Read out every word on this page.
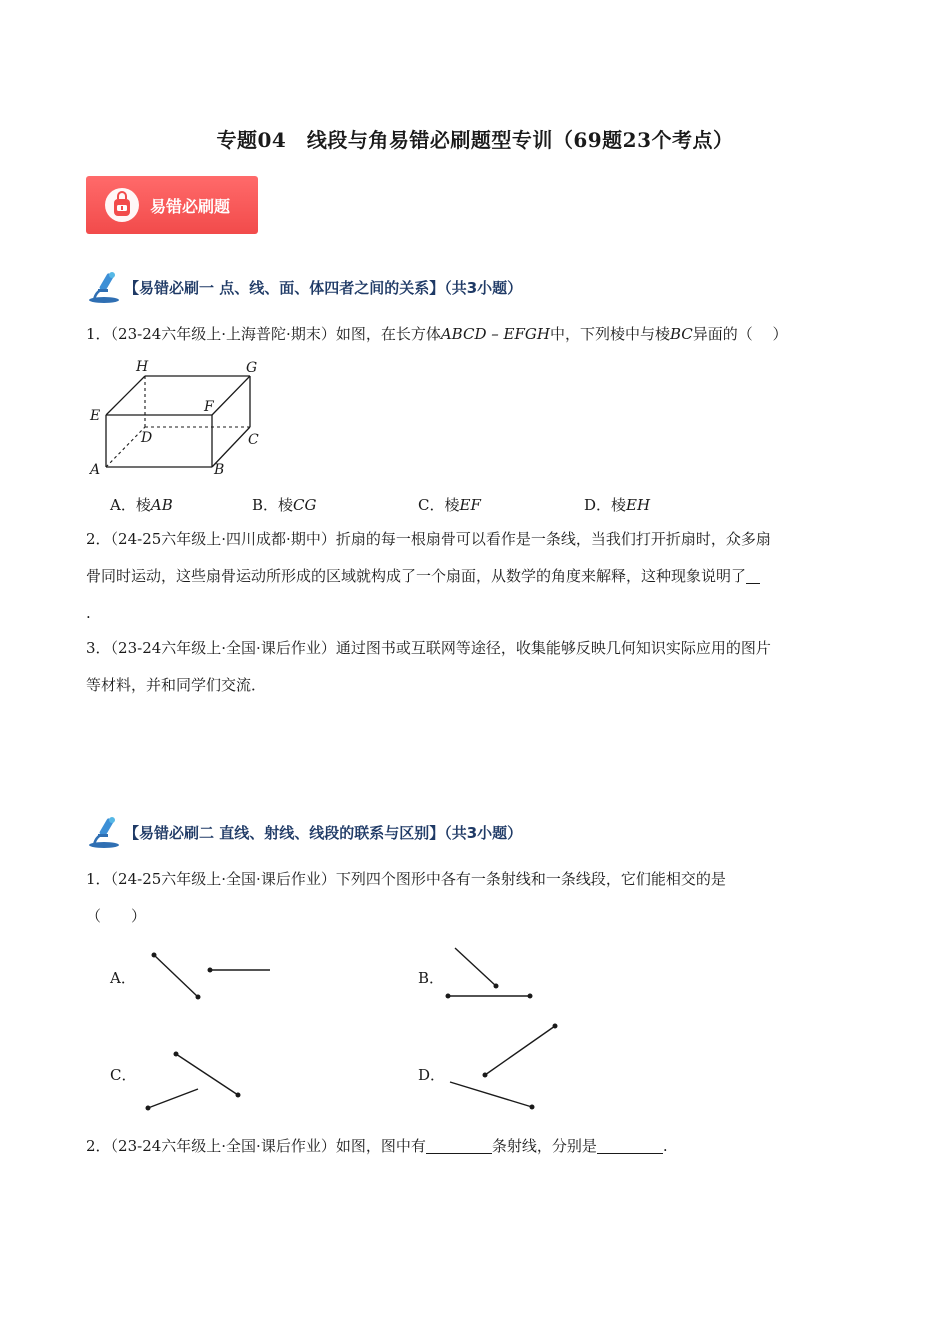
专题04　线段与角易错必刷题型专训（69题23个考点）
易错必刷题
【易错必刷一 点、线、面、体四者之间的关系】（共3小题）
1．（23-24六年级上·上海普陀·期末）如图，在长方体ABCD – EFGH中，下列棱中与棱BC异面的（　 ）
H	G
E
F
D	C
A	B
A．棱AB	B．棱CG	C．棱EF	D．棱EH
2．（24-25六年级上·四川成都·期中）折扇的每一根扇骨可以看作是一条线，当我们打开折扇时，众多扇
骨同时运动，这些扇骨运动所形成的区域就构成了一个扇面，从数学的角度来解释，这种现象说明了
.
3．（23-24六年级上·全国·课后作业）通过图书或互联网等途径，收集能够反映几何知识实际应用的图片
等材料，并和同学们交流．
【易错必刷二 直线、射线、线段的联系与区别】（共3小题）
1．（24-25六年级上·全国·课后作业）下列四个图形中各有一条射线和一条线段，它们能相交的是
（　　）
A．	B．
C．	D．
2．（23-24六年级上·全国·课后作业）如图，图中有	条射线，分别是	.
